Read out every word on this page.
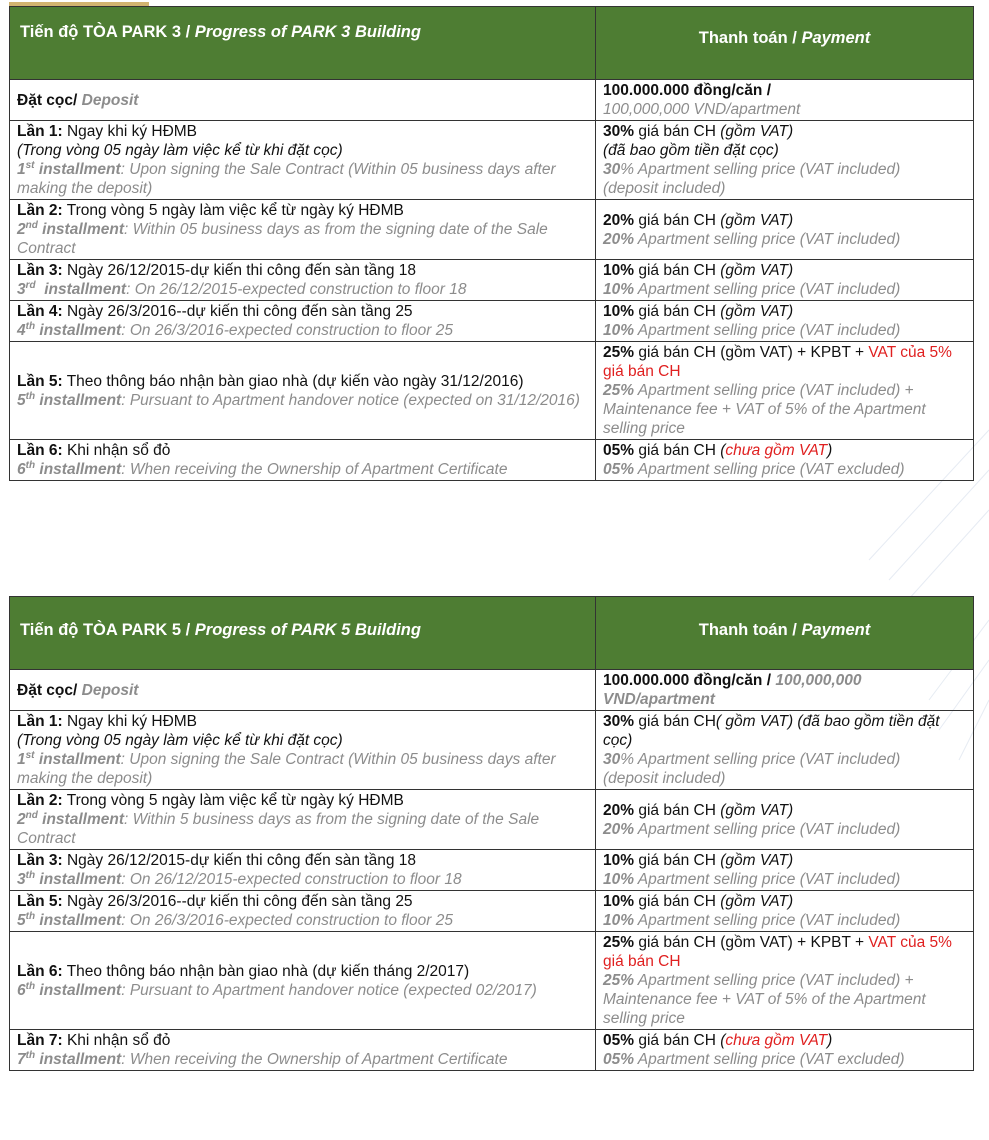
Tiến độ TÒA PARK 3 / Progress of PARK 3 Building	Thanh toán / Payment

Đặt cọc/ Deposit	100.000.000 đồng/căn /
100,000,000 VND/apartment
Lần 1: Ngay khi ký HĐMB
(Trong vòng 05 ngày làm việc kể từ khi đặt cọc)
1st installment: Upon signing the Sale Contract (Within 05 business days after making the deposit)	30% giá bán CH (gồm VAT)
(đã bao gồm tiền đặt cọc)
30% Apartment selling price (VAT included)
(deposit included)
Lần 2: Trong vòng 5 ngày làm việc kể từ ngày ký HĐMB
2nd installment: Within 05 business days as from the signing date of the Sale Contract	20% giá bán CH (gồm VAT)
20% Apartment selling price (VAT included)
Lần 3: Ngày 26/12/2015-dự kiến thi công đến sàn tầng 18
3rd installment: On 26/12/2015-expected construction to floor 18	10% giá bán CH (gồm VAT)
10% Apartment selling price (VAT included)
Lần 4: Ngày 26/3/2016--dự kiến thi công đến sàn tầng 25
4th installment: On 26/3/2016-expected construction to floor 25	10% giá bán CH (gồm VAT)
10% Apartment selling price (VAT included)
Lần 5: Theo thông báo nhận bàn giao nhà (dự kiến vào ngày 31/12/2016)
5th installment: Pursuant to Apartment handover notice (expected on 31/12/2016)	25% giá bán CH (gồm VAT) + KPBT + VAT của 5% giá bán CH
25% Apartment selling price (VAT included) + Maintenance fee + VAT of 5% of the Apartment selling price
Lần 6: Khi nhận sổ đỏ
6th installment: When receiving the Ownership of Apartment Certificate	05% giá bán CH (chưa gồm VAT)
05% Apartment selling price (VAT excluded)
Tiến độ TÒA PARK 5 / Progress of PARK 5 Building	Thanh toán / Payment

Đặt cọc/ Deposit	100.000.000 đồng/căn / 100,000,000 VND/apartment
Lần 1: Ngay khi ký HĐMB
(Trong vòng 05 ngày làm việc kể từ khi đặt cọc)
1st installment: Upon signing the Sale Contract (Within 05 business days after making the deposit)	30% giá bán CH( gồm VAT) (đã bao gồm tiền đặt cọc)
30% Apartment selling price (VAT included)
(deposit included)
Lần 2: Trong vòng 5 ngày làm việc kể từ ngày ký HĐMB
2nd installment: Within 5 business days as from the signing date of the Sale Contract	20% giá bán CH (gồm VAT)
20% Apartment selling price (VAT included)
Lần 3: Ngày 26/12/2015-dự kiến thi công đến sàn tầng 18
3th installment: On 26/12/2015-expected construction to floor 18	10% giá bán CH (gồm VAT)
10% Apartment selling price (VAT included)
Lần 5: Ngày 26/3/2016--dự kiến thi công đến sàn tầng 25
5th installment: On 26/3/2016-expected construction to floor 25	10% giá bán CH (gồm VAT)
10% Apartment selling price (VAT included)
Lần 6: Theo thông báo nhận bàn giao nhà (dự kiến tháng 2/2017)
6th installment: Pursuant to Apartment handover notice (expected 02/2017)	25% giá bán CH (gồm VAT) + KPBT + VAT của 5% giá bán CH
25% Apartment selling price (VAT included) + Maintenance fee + VAT of 5% of the Apartment selling price
Lần 7: Khi nhận sổ đỏ
7th installment: When receiving the Ownership of Apartment Certificate	05% giá bán CH (chưa gồm VAT)
05% Apartment selling price (VAT excluded)
